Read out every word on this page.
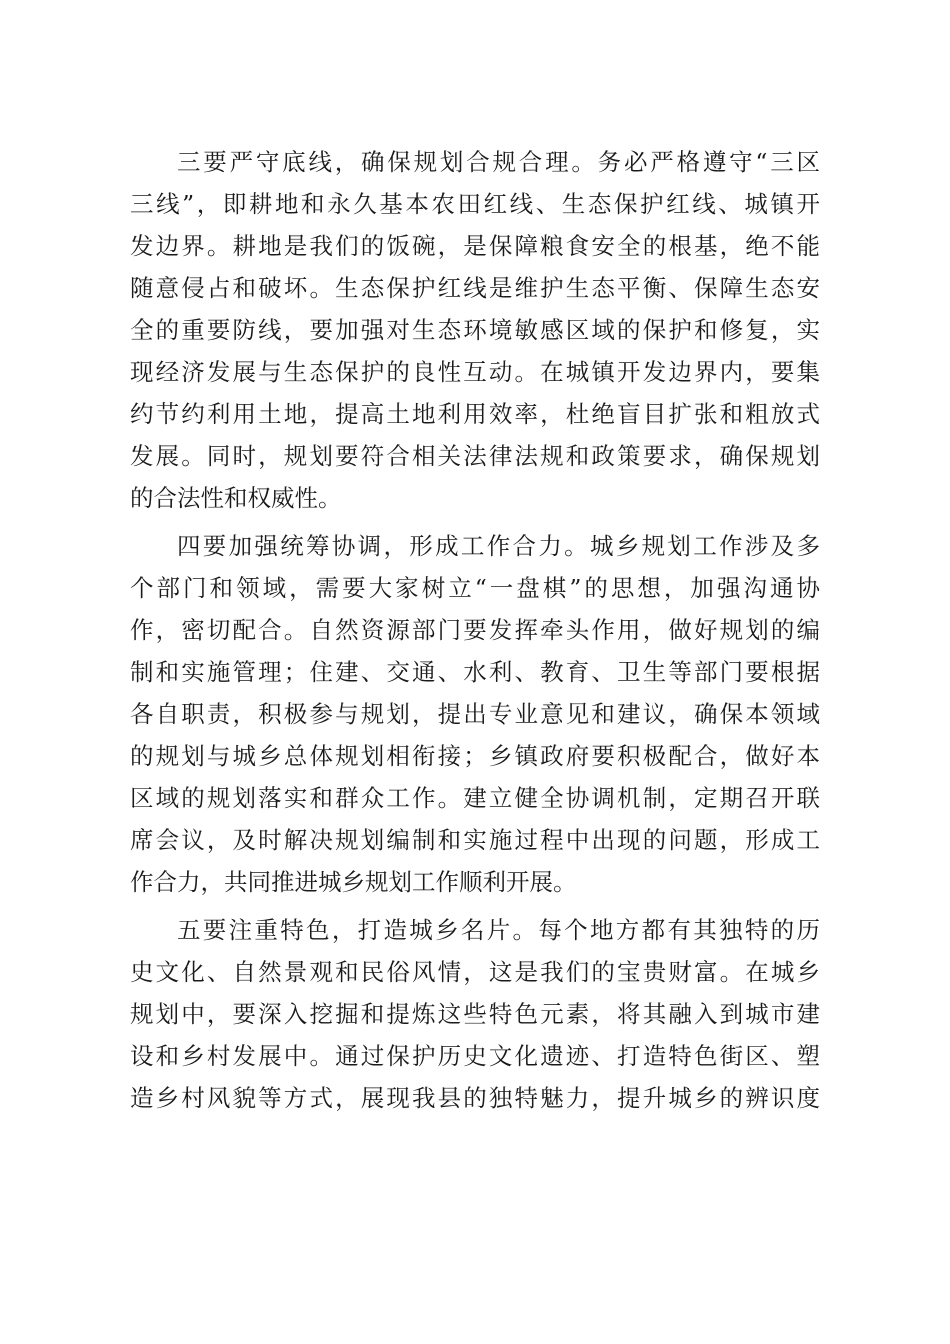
三要严守底线，确保规划合规合理。务必严格遵守“三区
三线”，即耕地和永久基本农田红线、生态保护红线、城镇开
发边界。耕地是我们的饭碗，是保障粮食安全的根基，绝不能
随意侵占和破坏。生态保护红线是维护生态平衡、保障生态安
全的重要防线，要加强对生态环境敏感区域的保护和修复，实
现经济发展与生态保护的良性互动。在城镇开发边界内，要集
约节约利用土地，提高土地利用效率，杜绝盲目扩张和粗放式
发展。同时，规划要符合相关法律法规和政策要求，确保规划
的合法性和权威性。
四要加强统筹协调，形成工作合力。城乡规划工作涉及多
个部门和领域，需要大家树立“一盘棋”的思想，加强沟通协
作，密切配合。自然资源部门要发挥牵头作用，做好规划的编
制和实施管理；住建、交通、水利、教育、卫生等部门要根据
各自职责，积极参与规划，提出专业意见和建议，确保本领域
的规划与城乡总体规划相衔接；乡镇政府要积极配合，做好本
区域的规划落实和群众工作。建立健全协调机制，定期召开联
席会议，及时解决规划编制和实施过程中出现的问题，形成工
作合力，共同推进城乡规划工作顺利开展。
五要注重特色，打造城乡名片。每个地方都有其独特的历
史文化、自然景观和民俗风情，这是我们的宝贵财富。在城乡
规划中，要深入挖掘和提炼这些特色元素，将其融入到城市建
设和乡村发展中。通过保护历史文化遗迹、打造特色街区、塑
造乡村风貌等方式，展现我县的独特魅力，提升城乡的辨识度
